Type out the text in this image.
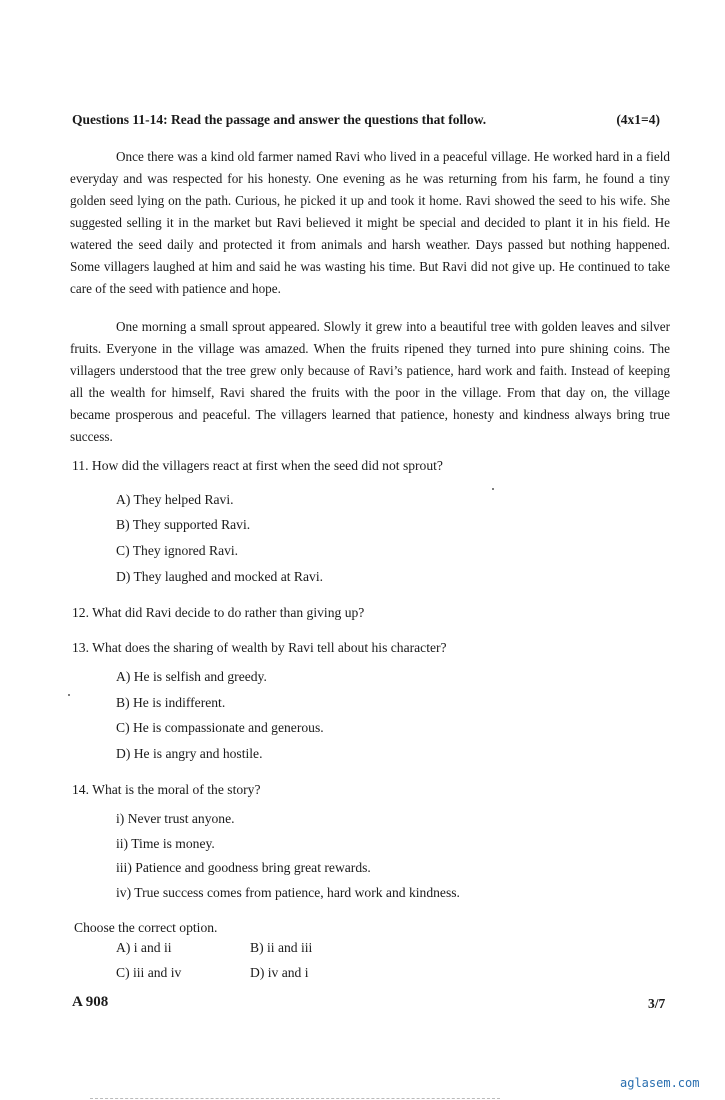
Questions 11-14: Read the passage and answer the questions that follow.	(4x1=4)
Once there was a kind old farmer named Ravi who lived in a peaceful village. He worked hard in a field everyday and was respected for his honesty. One evening as he was returning from his farm, he found a tiny golden seed lying on the path. Curious, he picked it up and took it home. Ravi showed the seed to his wife. She suggested selling it in the market but Ravi believed it might be special and decided to plant it in his field. He watered the seed daily and protected it from animals and harsh weather. Days passed but nothing happened. Some villagers laughed at him and said he was wasting his time. But Ravi did not give up. He continued to take care of the seed with patience and hope.
One morning a small sprout appeared. Slowly it grew into a beautiful tree with golden leaves and silver fruits. Everyone in the village was amazed. When the fruits ripened they turned into pure shining coins. The villagers understood that the tree grew only because of Ravi’s patience, hard work and faith. Instead of keeping all the wealth for himself, Ravi shared the fruits with the poor in the village. From that day on, the village became prosperous and peaceful. The villagers learned that patience, honesty and kindness always bring true success.
11. How did the villagers react at first when the seed did not sprout?
A) They helped Ravi.
B) They supported Ravi.
C) They ignored Ravi.
D) They laughed and mocked at Ravi.
12. What did Ravi decide to do rather than giving up?
13. What does the sharing of wealth by Ravi tell about his character?
A) He is selfish and greedy.
B) He is indifferent.
C) He is compassionate and generous.
D) He is angry and hostile.
14. What is the moral of the story?
i) Never trust anyone.
ii) Time is money.
iii) Patience and goodness bring great rewards.
iv) True success comes from patience, hard work and kindness.
Choose the correct option.
A) i and ii	B) ii and iii
C) iii and iv	D) iv and i
A 908	3/7
aglasem.com
